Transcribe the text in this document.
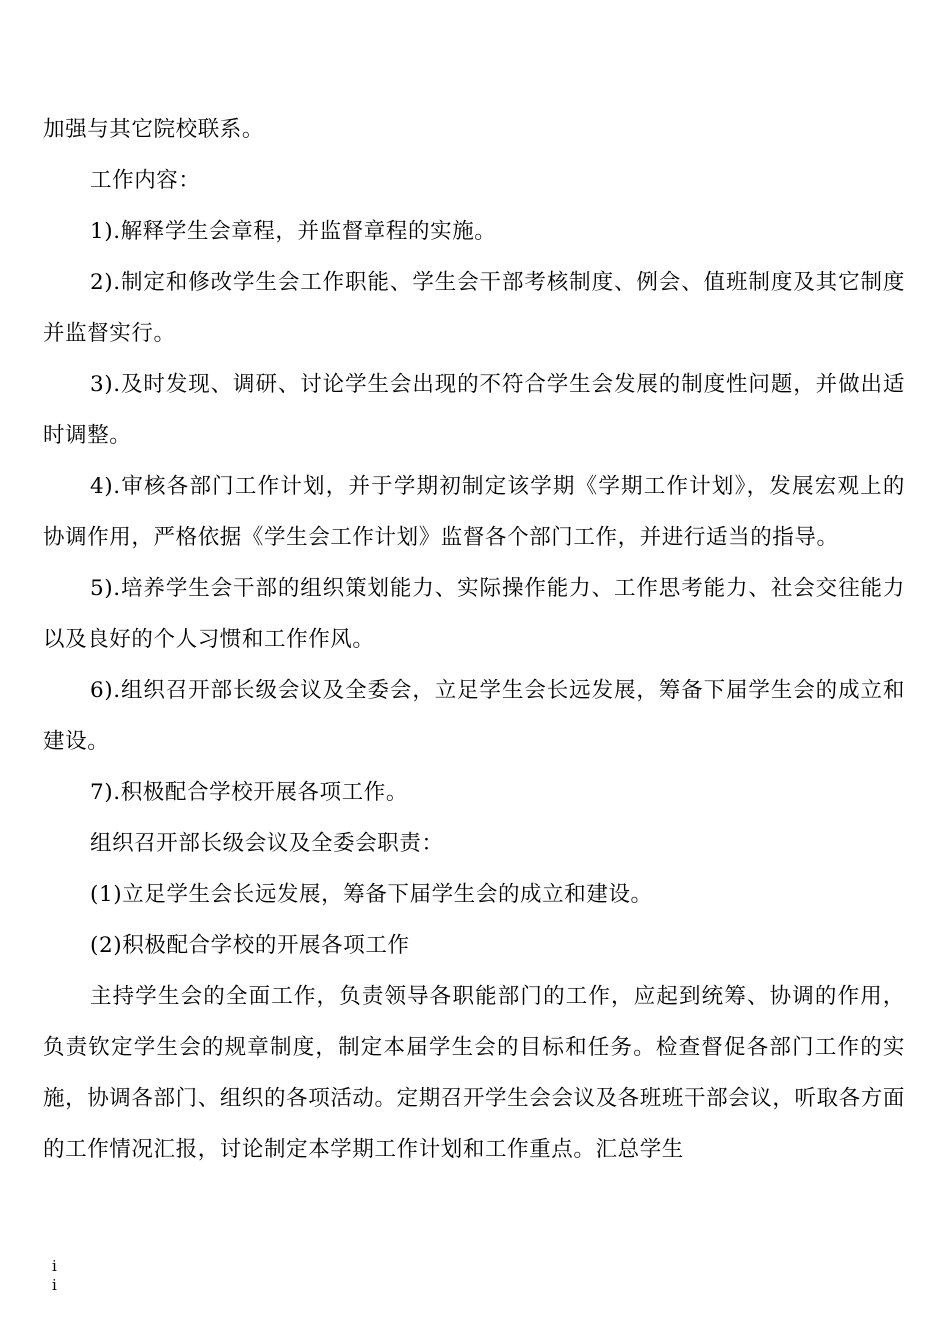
加强与其它院校联系。

工作内容：

1).解释学生会章程，并监督章程的实施。

2).制定和修改学生会工作职能、学生会干部考核制度、例会、值班制度及其它制度并监督实行。

3).及时发现、调研、讨论学生会出现的不符合学生会发展的制度性问题，并做出适时调整。

4).审核各部门工作计划，并于学期初制定该学期《学期工作计划》，发展宏观上的协调作用，严格依据《学生会工作计划》监督各个部门工作，并进行适当的指导。

5).培养学生会干部的组织策划能力、实际操作能力、工作思考能力、社会交往能力以及良好的个人习惯和工作作风。

6).组织召开部长级会议及全委会，立足学生会长远发展，筹备下届学生会的成立和建设。

7).积极配合学校开展各项工作。

组织召开部长级会议及全委会职责：

(1)立足学生会长远发展，筹备下届学生会的成立和建设。

(2)积极配合学校的开展各项工作

主持学生会的全面工作，负责领导各职能部门的工作，应起到统筹、协调的作用，负责钦定学生会的规章制度，制定本届学生会的目标和任务。检查督促各部门工作的实施，协调各部门、组织的各项活动。定期召开学生会会议及各班班干部会议，听取各方面的工作情况汇报，讨论制定本学期工作计划和工作重点。汇总学生

i
i
